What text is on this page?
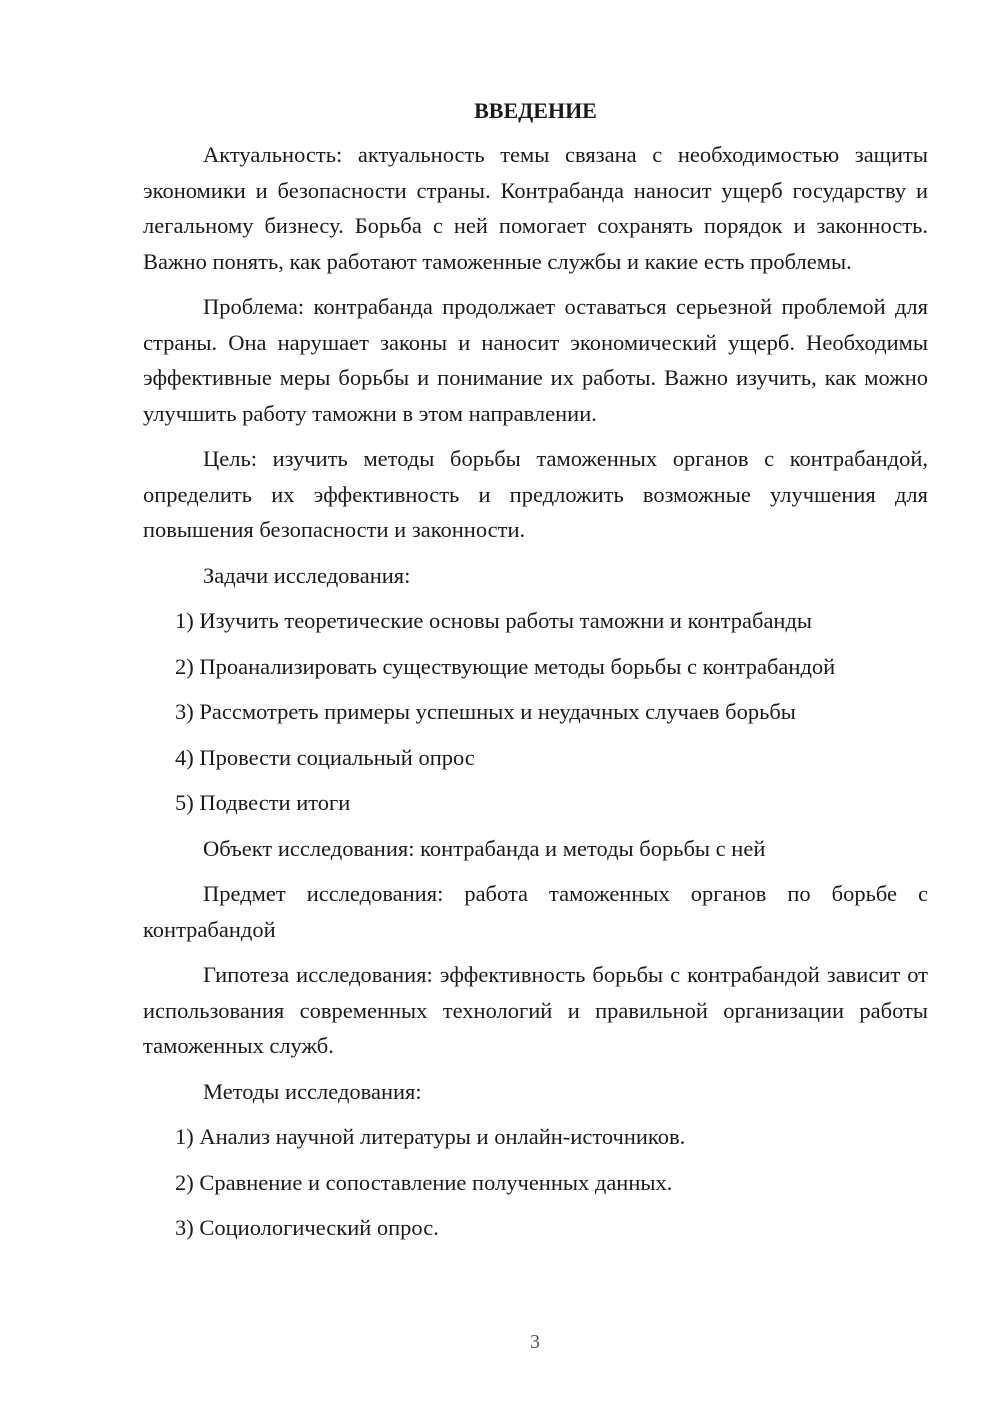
ВВЕДЕНИЕ

Актуальность: актуальность темы связана с необходимостью защиты экономики и безопасности страны. Контрабанда наносит ущерб государству и легальному бизнесу. Борьба с ней помогает сохранять порядок и законность. Важно понять, как работают таможенные службы и какие есть проблемы.

Проблема: контрабанда продолжает оставаться серьезной проблемой для страны. Она нарушает законы и наносит экономический ущерб. Необходимы эффективные меры борьбы и понимание их работы. Важно изучить, как можно улучшить работу таможни в этом направлении.

Цель: изучить методы борьбы таможенных органов с контрабандой, определить их эффективность и предложить возможные улучшения для повышения безопасности и законности.

Задачи исследования:

1) Изучить теоретические основы работы таможни и контрабанды

2) Проанализировать существующие методы борьбы с контрабандой

3) Рассмотреть примеры успешных и неудачных случаев борьбы

4) Провести социальный опрос

5) Подвести итоги

Объект исследования: контрабанда и методы борьбы с ней

Предмет исследования: работа таможенных органов по борьбе с контрабандой

Гипотеза исследования: эффективность борьбы с контрабандой зависит от использования современных технологий и правильной организации работы таможенных служб.

Методы исследования:

1) Анализ научной литературы и онлайн-источников.

2) Сравнение и сопоставление полученных данных.

3) Социологический опрос.

3
